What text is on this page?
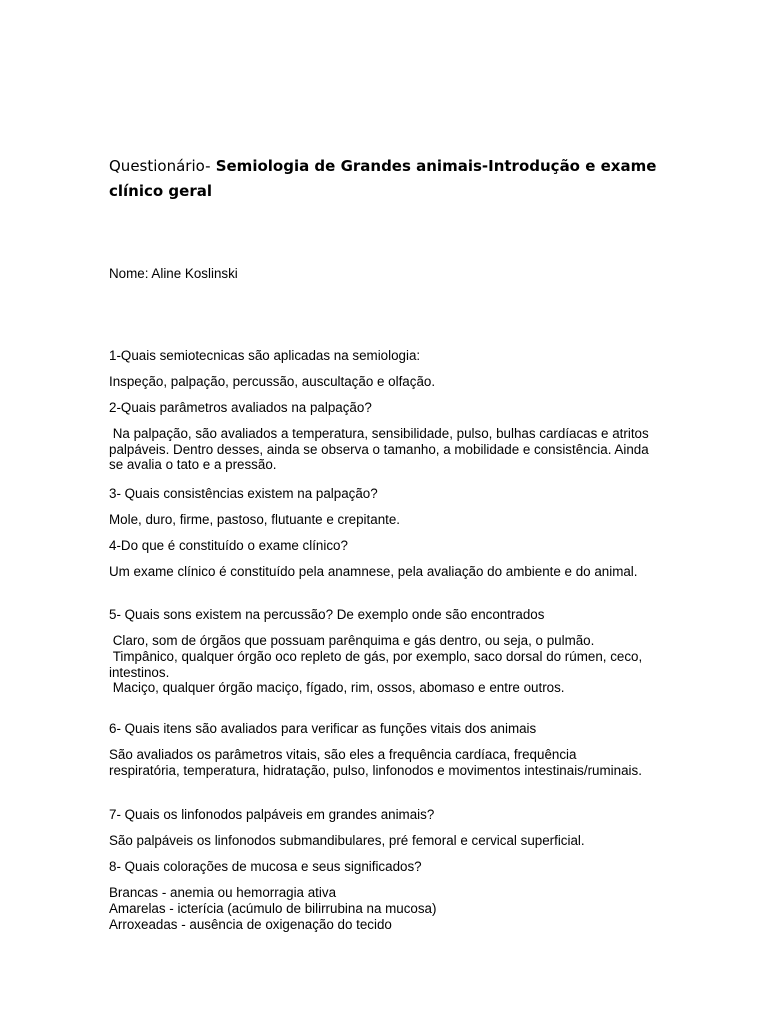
Questionário- Semiologia de Grandes animais-Introdução e exame clínico geral
Nome: Aline Koslinski
1-Quais semiotecnicas são aplicadas na semiologia:
Inspeção, palpação, percussão, auscultação e olfação.
2-Quais parâmetros avaliados na palpação?
Na palpação, são avaliados a temperatura, sensibilidade, pulso, bulhas cardíacas e atritos palpáveis. Dentro desses, ainda se observa o tamanho, a mobilidade e consistência. Ainda se avalia o tato e a pressão.
3- Quais consistências existem na palpação?
Mole, duro, firme, pastoso, flutuante e crepitante.
4-Do que é constituído o exame clínico?
Um exame clínico é constituído pela anamnese, pela avaliação do ambiente e do animal.
5- Quais sons existem na percussão? De exemplo onde são encontrados
Claro, som de órgãos que possuam parênquima e gás dentro, ou seja, o pulmão.
Timpânico, qualquer órgão oco repleto de gás, por exemplo, saco dorsal do rúmen, ceco, intestinos.
Maciço, qualquer órgão maciço, fígado, rim, ossos, abomaso e entre outros.
6- Quais itens são avaliados para verificar as funções vitais dos animais
São avaliados os parâmetros vitais, são eles a frequência cardíaca, frequência respiratória, temperatura, hidratação, pulso, linfonodos e movimentos intestinais/ruminais.
7- Quais os linfonodos palpáveis em grandes animais?
São palpáveis os linfonodos submandibulares, pré femoral e cervical superficial.
8- Quais colorações de mucosa e seus significados?
Brancas - anemia ou hemorragia ativa
Amarelas - icterícia (acúmulo de bilirrubina na mucosa)
Arroxeadas - ausência de oxigenação do tecido
